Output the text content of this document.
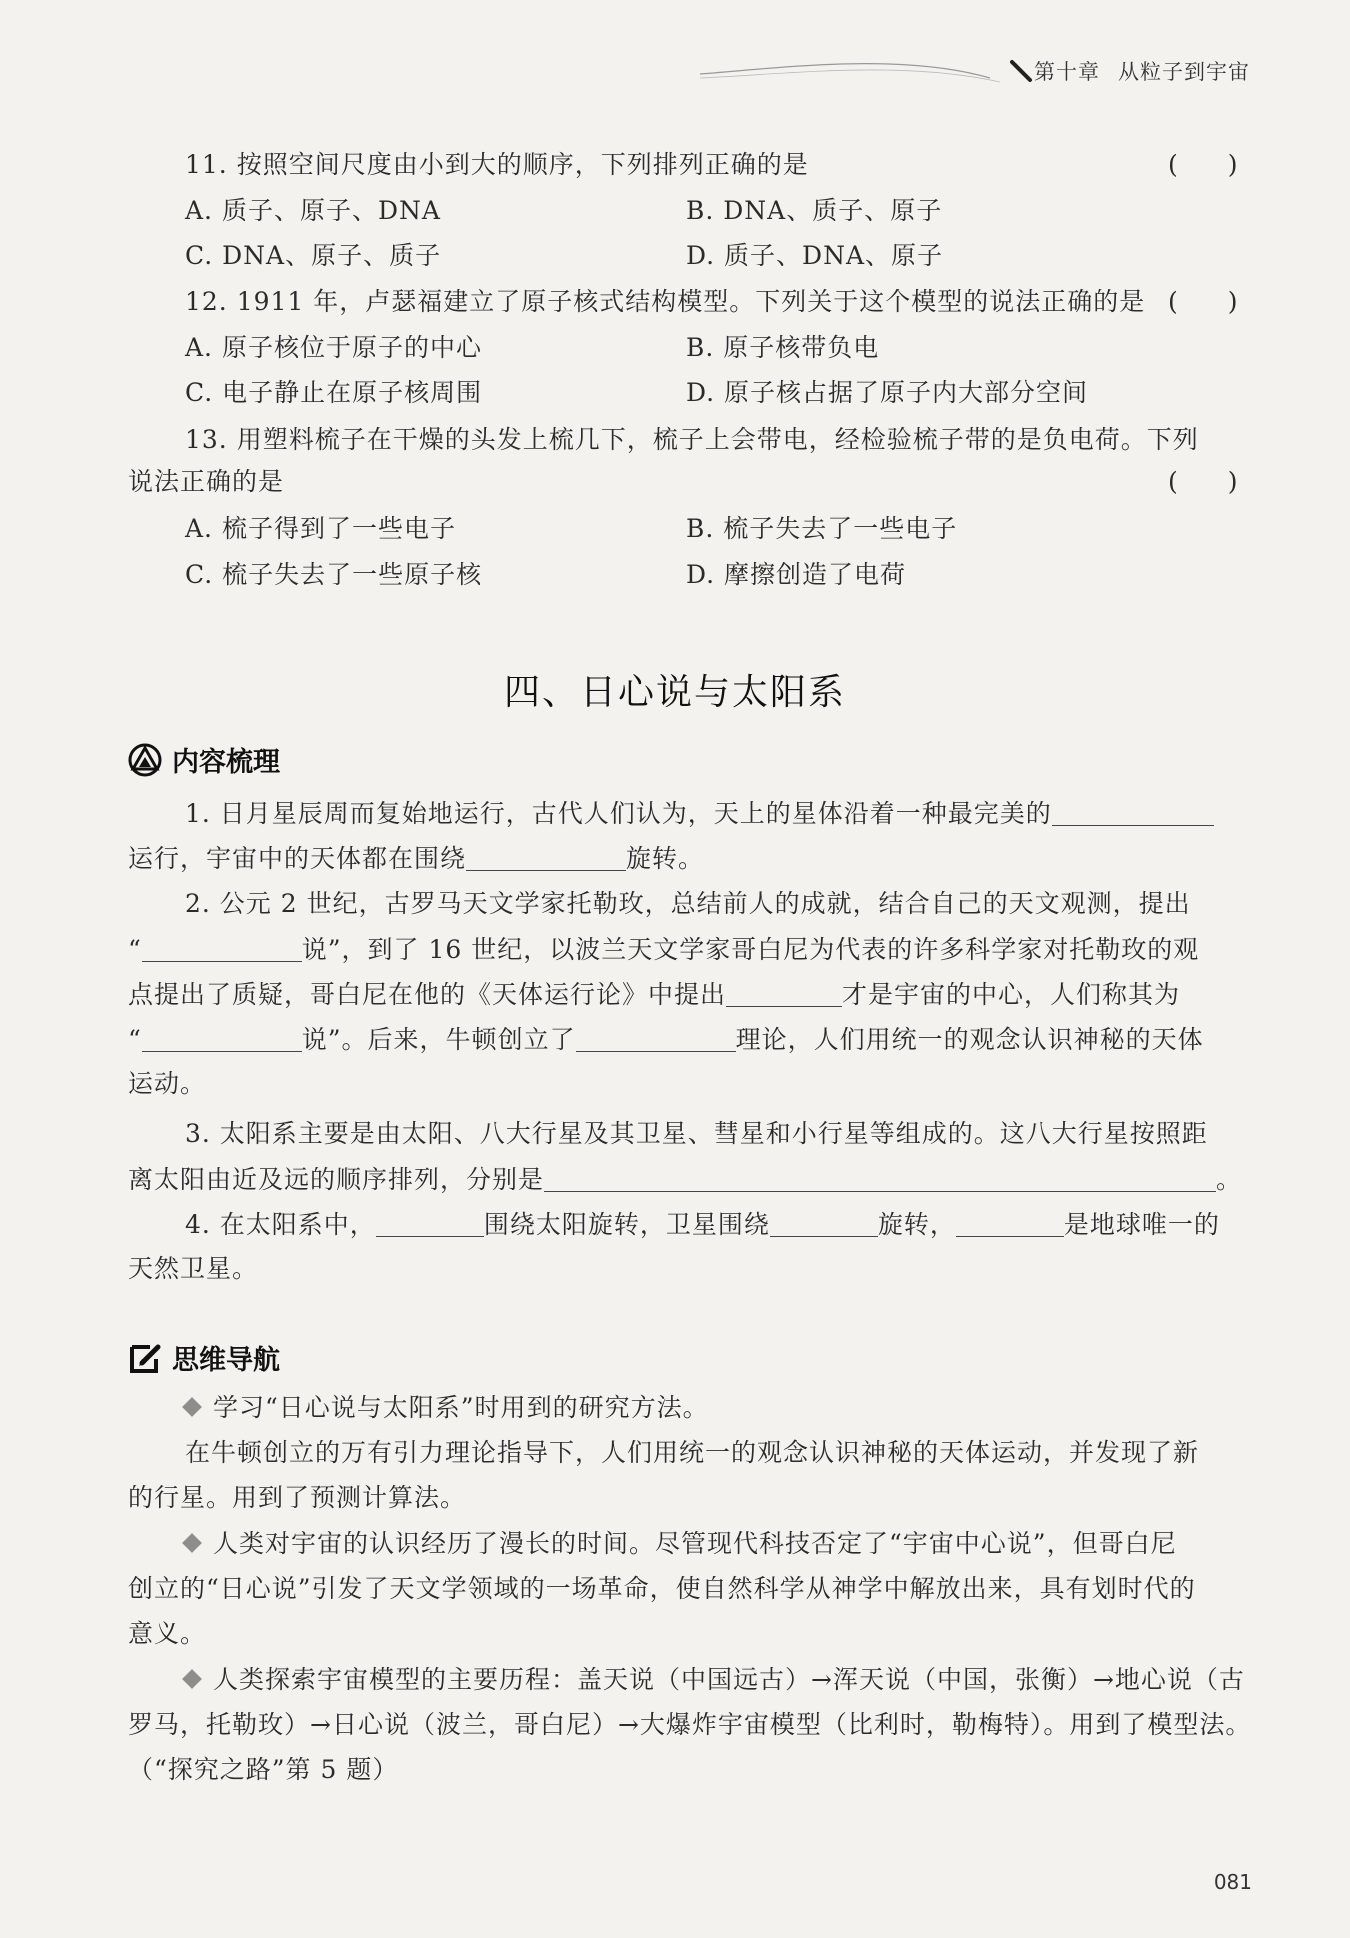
第十章 从粒子到宇宙
11. 按照空间尺度由小到大的顺序，下列排列正确的是	(　　)
A. 质子、原子、DNA	B. DNA、质子、原子
C. DNA、原子、质子	D. 质子、DNA、原子
12. 1911 年，卢瑟福建立了原子核式结构模型。下列关于这个模型的说法正确的是 (　　)
A. 原子核位于原子的中心	B. 原子核带负电
C. 电子静止在原子核周围	D. 原子核占据了原子内大部分空间
13. 用塑料梳子在干燥的头发上梳几下，梳子上会带电，经检验梳子带的是负电荷。下列
说法正确的是	(　　)
A. 梳子得到了一些电子	B. 梳子失去了一些电子
C. 梳子失去了一些原子核	D. 摩擦创造了电荷
四、日心说与太阳系
内容梳理
1. 日月星辰周而复始地运行，古代人们认为，天上的星体沿着一种最完美的
运行，宇宙中的天体都在围绕	旋转。
2. 公元 2 世纪，古罗马天文学家托勒玫，总结前人的成就，结合自己的天文观测，提出
“	说”，到了 16 世纪，以波兰天文学家哥白尼为代表的许多科学家对托勒玫的观
点提出了质疑，哥白尼在他的《天体运行论》中提出	才是宇宙的中心，人们称其为
“	说”。后来，牛顿创立了	理论，人们用统一的观念认识神秘的天体
运动。
3. 太阳系主要是由太阳、八大行星及其卫星、彗星和小行星等组成的。这八大行星按照距
离太阳由近及远的顺序排列，分别是	。
4. 在太阳系中，	围绕太阳旋转，卫星围绕	旋转，	是地球唯一的
天然卫星。
思维导航
学习“日心说与太阳系”时用到的研究方法。
在牛顿创立的万有引力理论指导下，人们用统一的观念认识神秘的天体运动，并发现了新
的行星。用到了预测计算法。
人类对宇宙的认识经历了漫长的时间。尽管现代科技否定了“宇宙中心说”，但哥白尼
创立的“日心说”引发了天文学领域的一场革命，使自然科学从神学中解放出来，具有划时代的
意义。
人类探索宇宙模型的主要历程：盖天说（中国远古）→浑天说（中国，张衡）→地心说（古
罗马，托勒玫）→日心说（波兰，哥白尼）→大爆炸宇宙模型（比利时，勒梅特）。用到了模型法。
（“探究之路”第 5 题）
081
